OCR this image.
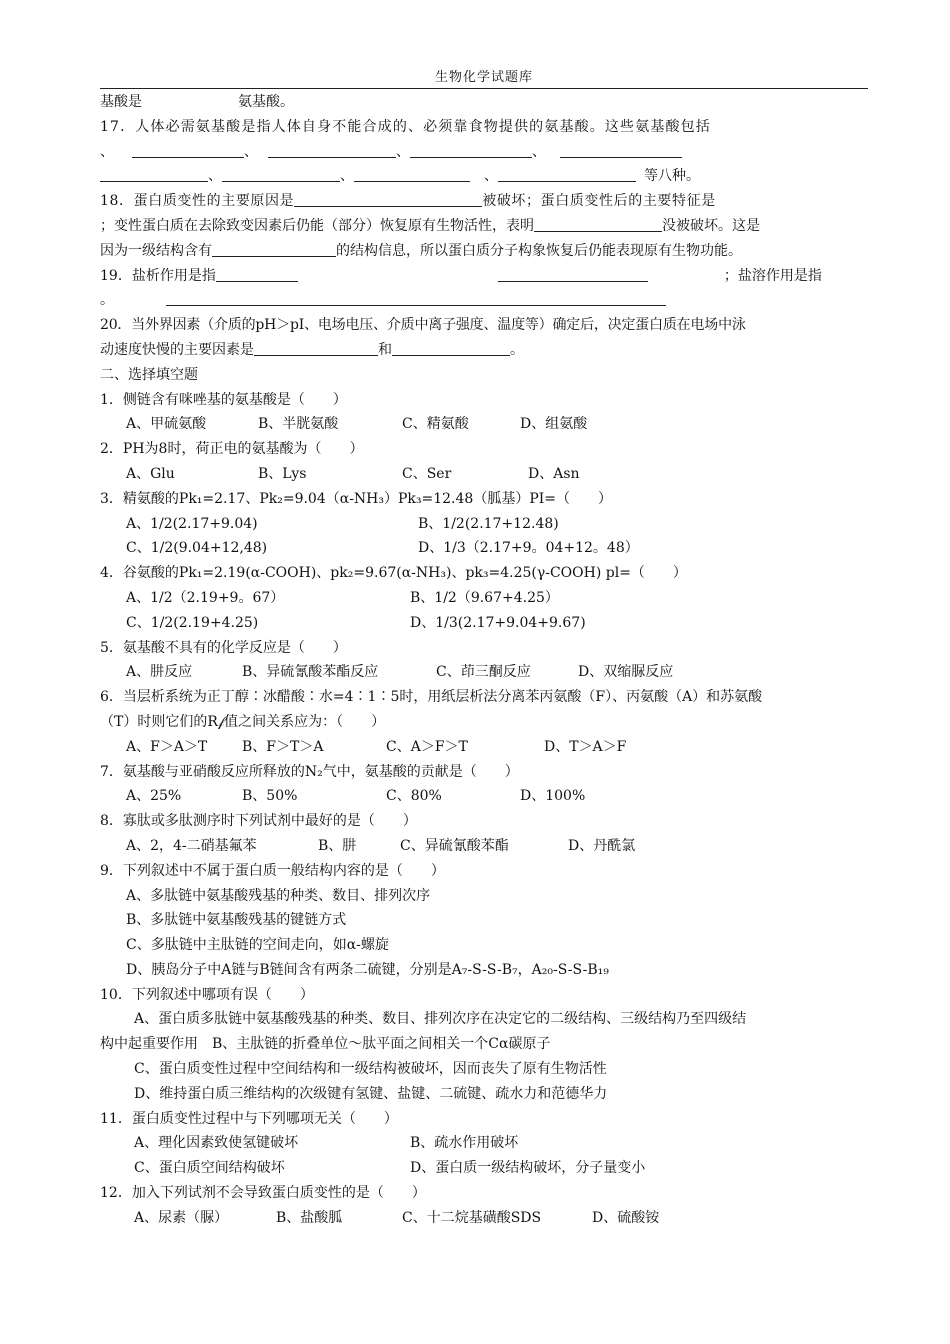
生物化学试题库
基酸是	氨基酸。
17．人体必需氨基酸是指人体自身不能合成的、必须靠食物提供的氨基酸。这些氨基酸包括
、	、	、	、
、	、	、	等八种。
18．蛋白质变性的主要原因是	被破坏；蛋白质变性后的主要特征是
；变性蛋白质在去除致变因素后仍能（部分）恢复原有生物活性，表明	没被破坏。这是
因为一级结构含有	的结构信息，所以蛋白质分子构象恢复后仍能表现原有生物功能。
19．盐析作用是指	；盐溶作用是指
。
20．当外界因素（介质的pH＞pI、电场电压、介质中离子强度、温度等）确定后，决定蛋白质在电场中泳
动速度快慢的主要因素是	和	。
二、选择填空题
1．侧链含有咪唑基的氨基酸是（　　）
A、甲硫氨酸	B、半胱氨酸	C、精氨酸	D、组氨酸
2．PH为8时，荷正电的氨基酸为（　　）
A、Glu	B、Lys	C、Ser	D、Asn
3．精氨酸的Pk₁=2.17、Pk₂=9.04（α-NH₃）Pk₃=12.48（胍基）PI=（　　）
A、1/2(2.17+9.04)	B、1/2(2.17+12.48)
C、1/2(9.04+12,48)	D、1/3（2.17+9。04+12。48）
4．谷氨酸的Pk₁=2.19(α-COOH)、pk₂=9.67(α-NH₃)、pk₃=4.25(γ-COOH) pl=（　　）
A、1/2（2.19+9。67）	B、1/2（9.67+4.25）
C、1/2(2.19+4.25)	D、1/3(2.17+9.04+9.67)
5．氨基酸不具有的化学反应是（　　）
A、肼反应	B、异硫氰酸苯酯反应	C、茚三酮反应	D、双缩脲反应
6．当层析系统为正丁醇∶冰醋酸∶水=4∶1∶5时，用纸层析法分离苯丙氨酸（F）、丙氨酸（A）和苏氨酸
（T）时则它们的R𝒻值之间关系应为：（　　）
A、F＞A＞T B、F＞T＞A	C、A＞F＞T	D、T＞A＞F
7．氨基酸与亚硝酸反应所释放的N₂气中，氨基酸的贡献是（　　）
A、25%	B、50%	C、80%	D、100%
8．寡肽或多肽测序时下列试剂中最好的是（　　）
A、2，4-二硝基氟苯	B、肼	C、异硫氰酸苯酯	D、丹酰氯
9．下列叙述中不属于蛋白质一般结构内容的是（　　）
A、多肽链中氨基酸残基的种类、数目、排列次序
B、多肽链中氨基酸残基的键链方式
C、多肽链中主肽链的空间走向，如α-螺旋
D、胰岛分子中A链与B链间含有两条二硫键，分别是A₇-S-S-B₇，A₂₀-S-S-B₁₉
10．下列叙述中哪项有误（　　）
A、蛋白质多肽链中氨基酸残基的种类、数目、排列次序在决定它的二级结构、三级结构乃至四级结
构中起重要作用　B、主肽链的折叠单位～肽平面之间相关一个Cα碳原子
C、蛋白质变性过程中空间结构和一级结构被破坏，因而丧失了原有生物活性
D、维持蛋白质三维结构的次级键有氢键、盐键、二硫键、疏水力和范德华力
11．蛋白质变性过程中与下列哪项无关（　　）
A、理化因素致使氢键破坏	B、疏水作用破坏
C、蛋白质空间结构破坏	D、蛋白质一级结构破坏，分子量变小
12．加入下列试剂不会导致蛋白质变性的是（　　）
A、尿素（脲）	B、盐酸胍	C、十二烷基磺酸SDS	D、硫酸铵
